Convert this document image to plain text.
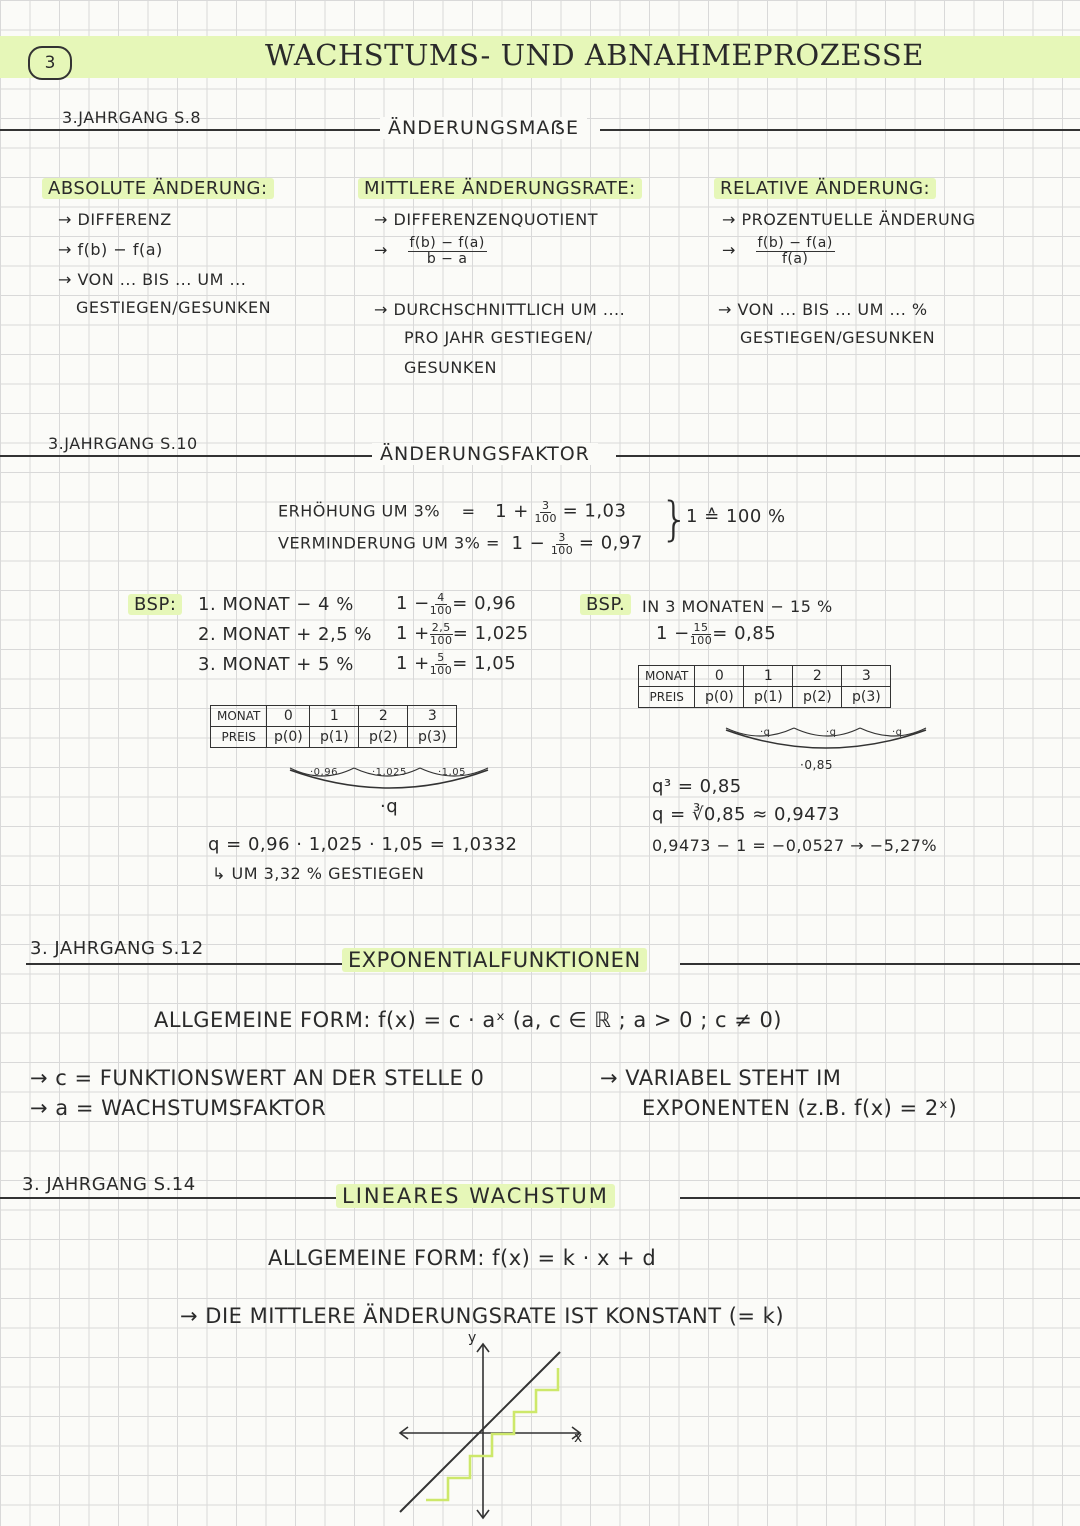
3	WACHSTUMS- UND ABNAHMEPROZESSE
3.JAHRGANG S.8	ÄNDERUNGSMAẞE
ABSOLUTE ÄNDERUNG:
→ DIFFERENZ
→ f(b) − f(a)
→ VON ... BIS ... UM ...
GESTIEGEN/GESUNKEN
MITTLERE ÄNDERUNGSRATE:
→ DIFFERENZENQUOTIENT
→ $\frac{f(b) - f(a)}{b - a}$
→ DURCHSCHNITTLICH UM ....
PRO JAHR GESTIEGEN/
GESUNKEN
RELATIVE ÄNDERUNG:
→ PROZENTUELLE ÄNDERUNG
→ $\frac{f(b) - f(a)}{f(a)}$
→ VON ... BIS ... UM ... %
GESTIEGEN/GESUNKEN
3.JAHRGANG S.10	ÄNDERUNGSFAKTOR
ERHÖHUNG UM $3\% = 1 + \frac{3}{100} = 1,03$
VERMINDERUNG UM $3\% = 1 - \frac{3}{100} = 0,97$ }
1 ≙ 100 %
BSP:	1. MONAT − 4 % $1 - \frac{4}{100} = 0,96$
2. MONAT + 2,5 % $1 + \frac{2,5}{100} = 1,025$
3. MONAT + 5 % $1 + \frac{5}{100} = 1,05$
MONAT	0	1	2	3
PREIS	p(0)	p(1)	p(2)	p(3)
·0,96	·1,025	·1,05
·q
q = 0,96 · 1,025 · 1,05 = 1,0332
↳ UM 3,32 % GESTIEGEN
BSP.	IN 3 MONATEN − 15 %
$1 - \frac{15}{100} = 0,85$
MONAT	0	1	2	3
PREIS	p(0)	p(1)	p(2)	p(3)
·q	·q	·q
·0,85
q³ = 0,85
q = ∛0,85 ≈ 0,9473
0,9473 − 1 = −0,0527 → −5,27%
3. JAHRGANG S.12	EXPONENTIALFUNKTIONEN
ALLGEMEINE FORM: f(x) = c · aˣ (a, c ∈ ℝ ; a > 0 ; c ≠ 0)
→ c = FUNKTIONSWERT AN DER STELLE 0
→ a = WACHSTUMSFAKTOR
→ VARIABEL STEHT IM
EXPONENTEN (z.B. f(x) = 2ˣ)
3. JAHRGANG S.14	LINEARES WACHSTUM
ALLGEMEINE FORM: f(x) = k · x + d
→ DIE MITTLERE ÄNDERUNGSRATE IST KONSTANT (= k)
y
x
